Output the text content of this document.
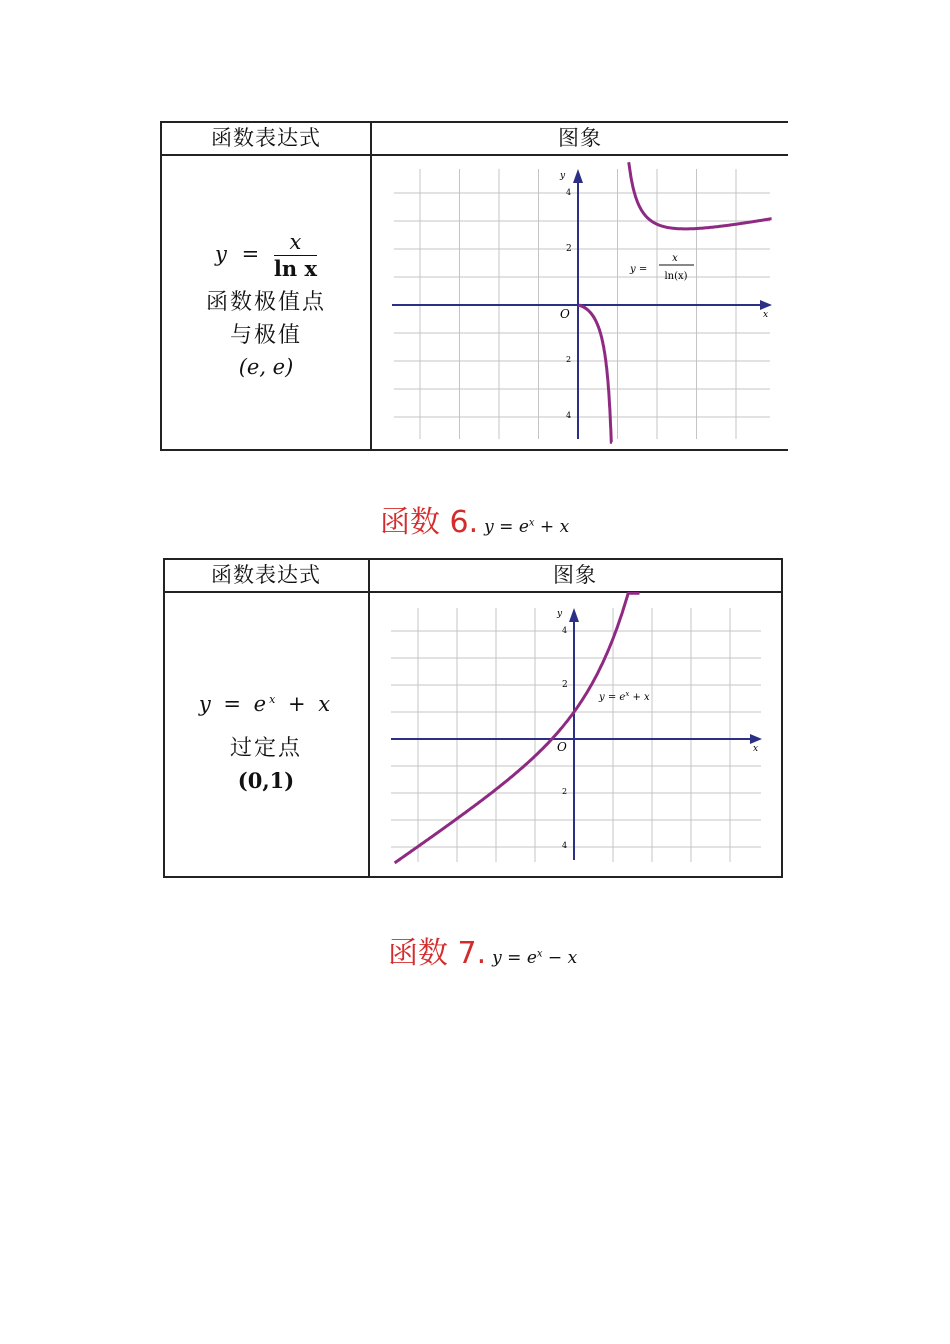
函数表达式	图象
$y = \frac{x}{\text{ln x}}$
函数极值点
与极值
(e, e)
x
y
O
2
4
2
4
y =
x
ln(x)
函数 6. $y = e^x + x$
函数表达式	图象
$y = e^x + x$
过定点
(0,1)
x
y
O
2
4
2
4
$y = e^x + x$
函数 7. $y = e^x - x$
